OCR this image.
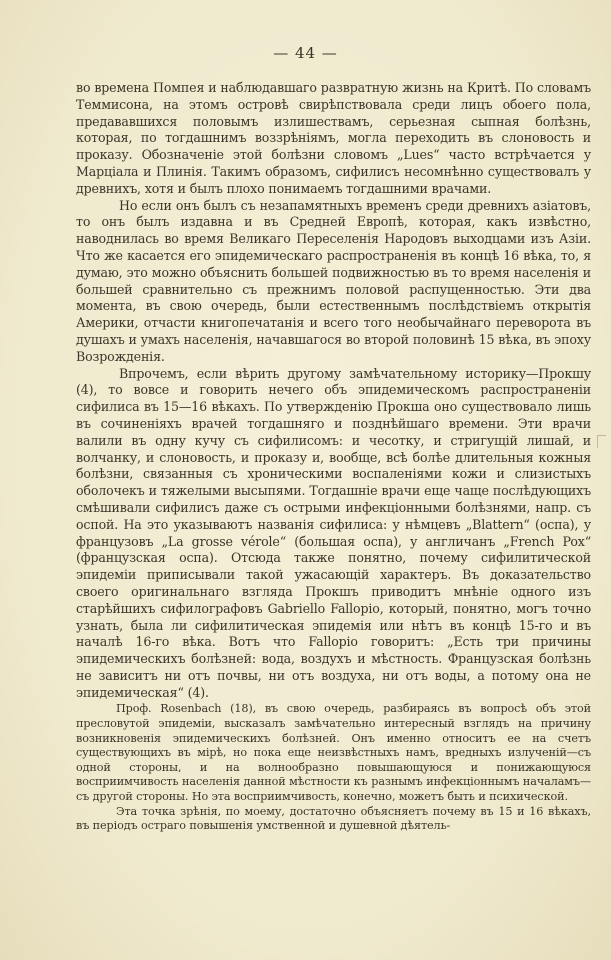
— 44 —

во времена Помпея и наблюдавшаго развратную жизнь на Критѣ. По словамъ Теммисона, на этомъ островѣ свирѣпствовала среди лицъ обоего пола, предававшихся половымъ излишествамъ, серьезная сыпная болѣзнь, которая, по тогдашнимъ воззрѣніямъ, могла переходить въ слоновость и проказу. Обозначеніе этой болѣзни словомъ „Lues“ часто встрѣчается у Марціала и Плинія. Такимъ образомъ, сифилисъ несомнѣнно существовалъ у древнихъ, хотя и былъ плохо понимаемъ тогдашними врачами.

Но если онъ былъ съ незапамятныхъ временъ среди древнихъ азіатовъ, то онъ былъ издавна и въ Средней Европѣ, которая, какъ извѣстно, наводнилась во время Великаго Переселенія Народовъ выходцами изъ Азіи. Что же касается его эпидемическаго распространенія въ концѣ 16 вѣка, то, я думаю, это можно объяснить большей подвижностью въ то время населенія и большей сравнительно съ прежнимъ половой распущенностью. Эти два момента, въ свою очередь, были естественнымъ послѣдствіемъ открытія Америки, отчасти книгопечатанія и всего того необычайнаго переворота въ душахъ и умахъ населенія, начавшагося во второй половинѣ 15 вѣка, въ эпоху Возрожденія.

Впрочемъ, если вѣрить другому замѣчательному историку—Прокшу (4), то вовсе и говорить нечего объ эпидемическомъ распространеніи сифилиса въ 15—16 вѣкахъ. По утвержденію Прокша оно существовало лишь въ сочиненіяхъ врачей тогдашняго и позднѣйшаго времени. Эти врачи валили въ одну кучу съ сифилисомъ: и чесотку, и стригущій лишай, и волчанку, и слоновость, и проказу и, вообще, всѣ болѣе длительныя кожныя болѣзни, связанныя съ хроническими воспаленіями кожи и слизистыхъ оболочекъ и тяжелыми высыпями. Тогдашніе врачи еще чаще послѣдующихъ смѣшивали сифилисъ даже съ острыми инфекціонными болѣзнями, напр. съ оспой. На это указываютъ названія сифилиса: у нѣмцевъ „Blattern“ (оспа), у французовъ „La grosse vérole“ (большая оспа), у англичанъ „French Pox“ (французская оспа). Отсюда также понятно, почему сифилитической эпидеміи приписывали такой ужасающій характеръ. Въ доказательство своего оригинальнаго взгляда Прокшъ приводитъ мнѣніе одного изъ старѣйшихъ сифилографовъ Gabriello Fallopio, который, понятно, могъ точно узнать, была ли сифилитическая эпидемія или нѣтъ въ концѣ 15-го и въ началѣ 16-го вѣка. Вотъ что Fallopio говоритъ: „Есть три причины эпидемическихъ болѣзней: вода, воздухъ и мѣстность. Французская болѣзнь не зависитъ ни отъ почвы, ни отъ воздуха, ни отъ воды, а потому она не эпидемическая“ (4).

Проф. Rosenbach (18), въ свою очередь, разбираясь въ вопросѣ объ этой пресловутой эпидеміи, высказалъ замѣчательно интересный взглядъ на причину возникновенія эпидемическихъ болѣзней. Онъ именно относитъ ее на счетъ существующихъ въ мірѣ, но пока еще неизвѣстныхъ намъ, вредныхъ излученій—съ одной стороны, и на волнообразно повышающуюся и понижающуюся восприимчивость населенія данной мѣстности къ разнымъ инфекціоннымъ началамъ—съ другой стороны. Но эта восприимчивость, конечно, можетъ быть и психической.

Эта точка зрѣнія, по моему, достаточно объясняетъ почему въ 15 и 16 вѣкахъ, въ періодъ остраго повышенія умственной и душевной дѣятель-
